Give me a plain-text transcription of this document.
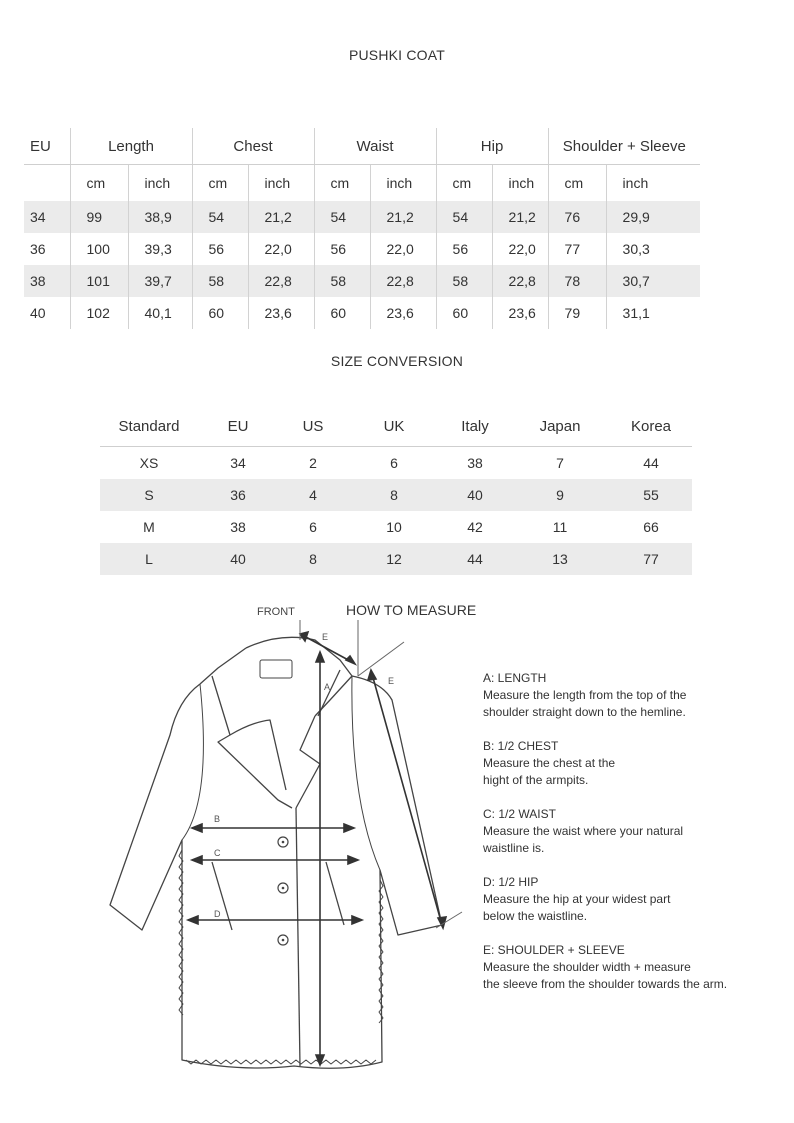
PUSHKI COAT
EU	Length		Chest		Waist		Hip		Shoulder + Sleeve	
	cm	inch	cm	inch	cm	inch	cm	inch	cm	inch
34	99	38,9	54	21,2	54	21,2	54	21,2	76	29,9
36	100	39,3	56	22,0	56	22,0	56	22,0	77	30,3
38	101	39,7	58	22,8	58	22,8	58	22,8	78	30,7
40	102	40,1	60	23,6	60	23,6	60	23,6	79	31,1
SIZE CONVERSION
Standard	EU	US	UK	Italy	Japan	Korea
XS	34	2	6	38	7	44
S	36	4	8	40	9	55
M	38	6	10	42	11	66
L	40	8	12	44	13	77
HOW TO MEASURE
FRONT
A
B
C
D
E
E	A: LENGTH
Measure the length from the top of the
shoulder straight down to the hemline.
B: 1/2 CHEST
Measure the chest at the
hight of the armpits.
C: 1/2 WAIST
Measure the waist where your natural
waistline is.
D: 1/2 HIP
Measure the hip at your widest part
below the waistline.
E: SHOULDER + SLEEVE
Measure the shoulder width + measure
the sleeve from the shoulder towards the arm.
